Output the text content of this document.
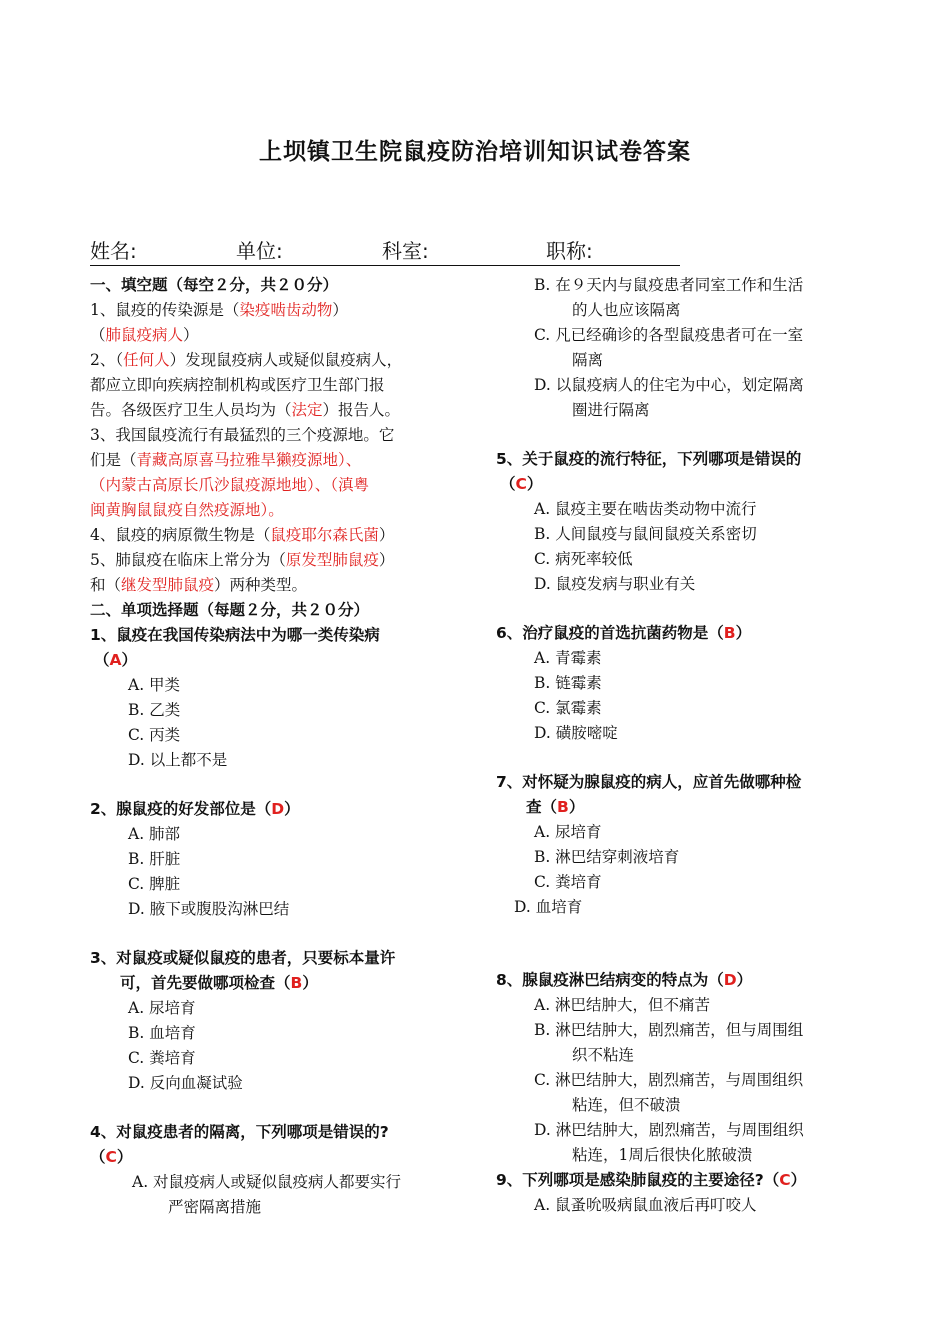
上坝镇卫生院鼠疫防治培训知识试卷答案
姓名:	单位:	科室:	职称:
一、填空题（每空２分，共２０分）
1、鼠疫的传染源是（染疫啮齿动物）
（肺鼠疫病人）
2、（任何人）发现鼠疫病人或疑似鼠疫病人，
都应立即向疾病控制机构或医疗卫生部门报
告。各级医疗卫生人员均为（法定）报告人。
3、我国鼠疫流行有最猛烈的三个疫源地。它
们是（青藏高原喜马拉雅旱獭疫源地）、
（内蒙古高原长爪沙鼠疫源地地）、（滇粤
闽黄胸鼠鼠疫自然疫源地）。
4、鼠疫的病原微生物是（鼠疫耶尔森氏菌）
5、肺鼠疫在临床上常分为（原发型肺鼠疫）
和（继发型肺鼠疫）两种类型。
二、单项选择题（每题２分，共２０分）
1、鼠疫在我国传染病法中为哪一类传染病
（A）
A. 甲类
B. 乙类
C. 丙类
D. 以上都不是
2、腺鼠疫的好发部位是（D）
A. 肺部
B. 肝脏
C. 脾脏
D. 腋下或腹股沟淋巴结
3、对鼠疫或疑似鼠疫的患者，只要标本量许
可，首先要做哪项检查（B）
A. 尿培育
B. 血培育
C. 粪培育
D. 反向血凝试验
4、对鼠疫患者的隔离，下列哪项是错误的?
（C）
A. 对鼠疫病人或疑似鼠疫病人都要实行
严密隔离措施
B. 在９天内与鼠疫患者同室工作和生活
的人也应该隔离
C. 凡已经确诊的各型鼠疫患者可在一室
隔离
D. 以鼠疫病人的住宅为中心，划定隔离
圈进行隔离
5、关于鼠疫的流行特征，下列哪项是错误的
（C）
A. 鼠疫主要在啮齿类动物中流行
B. 人间鼠疫与鼠间鼠疫关系密切
C. 病死率较低
D. 鼠疫发病与职业有关
6、治疗鼠疫的首选抗菌药物是（B）
A. 青霉素
B. 链霉素
C. 氯霉素
D. 磺胺嘧啶
7、对怀疑为腺鼠疫的病人，应首先做哪种检
查（B）
A. 尿培育
B. 淋巴结穿刺液培育
C. 粪培育
D. 血培育
8、腺鼠疫淋巴结病变的特点为（D）
A. 淋巴结肿大，但不痛苦
B. 淋巴结肿大，剧烈痛苦，但与周围组
织不粘连
C. 淋巴结肿大，剧烈痛苦，与周围组织
粘连，但不破溃
D. 淋巴结肿大，剧烈痛苦，与周围组织
粘连，1周后很快化脓破溃
9、下列哪项是感染肺鼠疫的主要途径?（C）
A. 鼠蚤吮吸病鼠血液后再叮咬人
